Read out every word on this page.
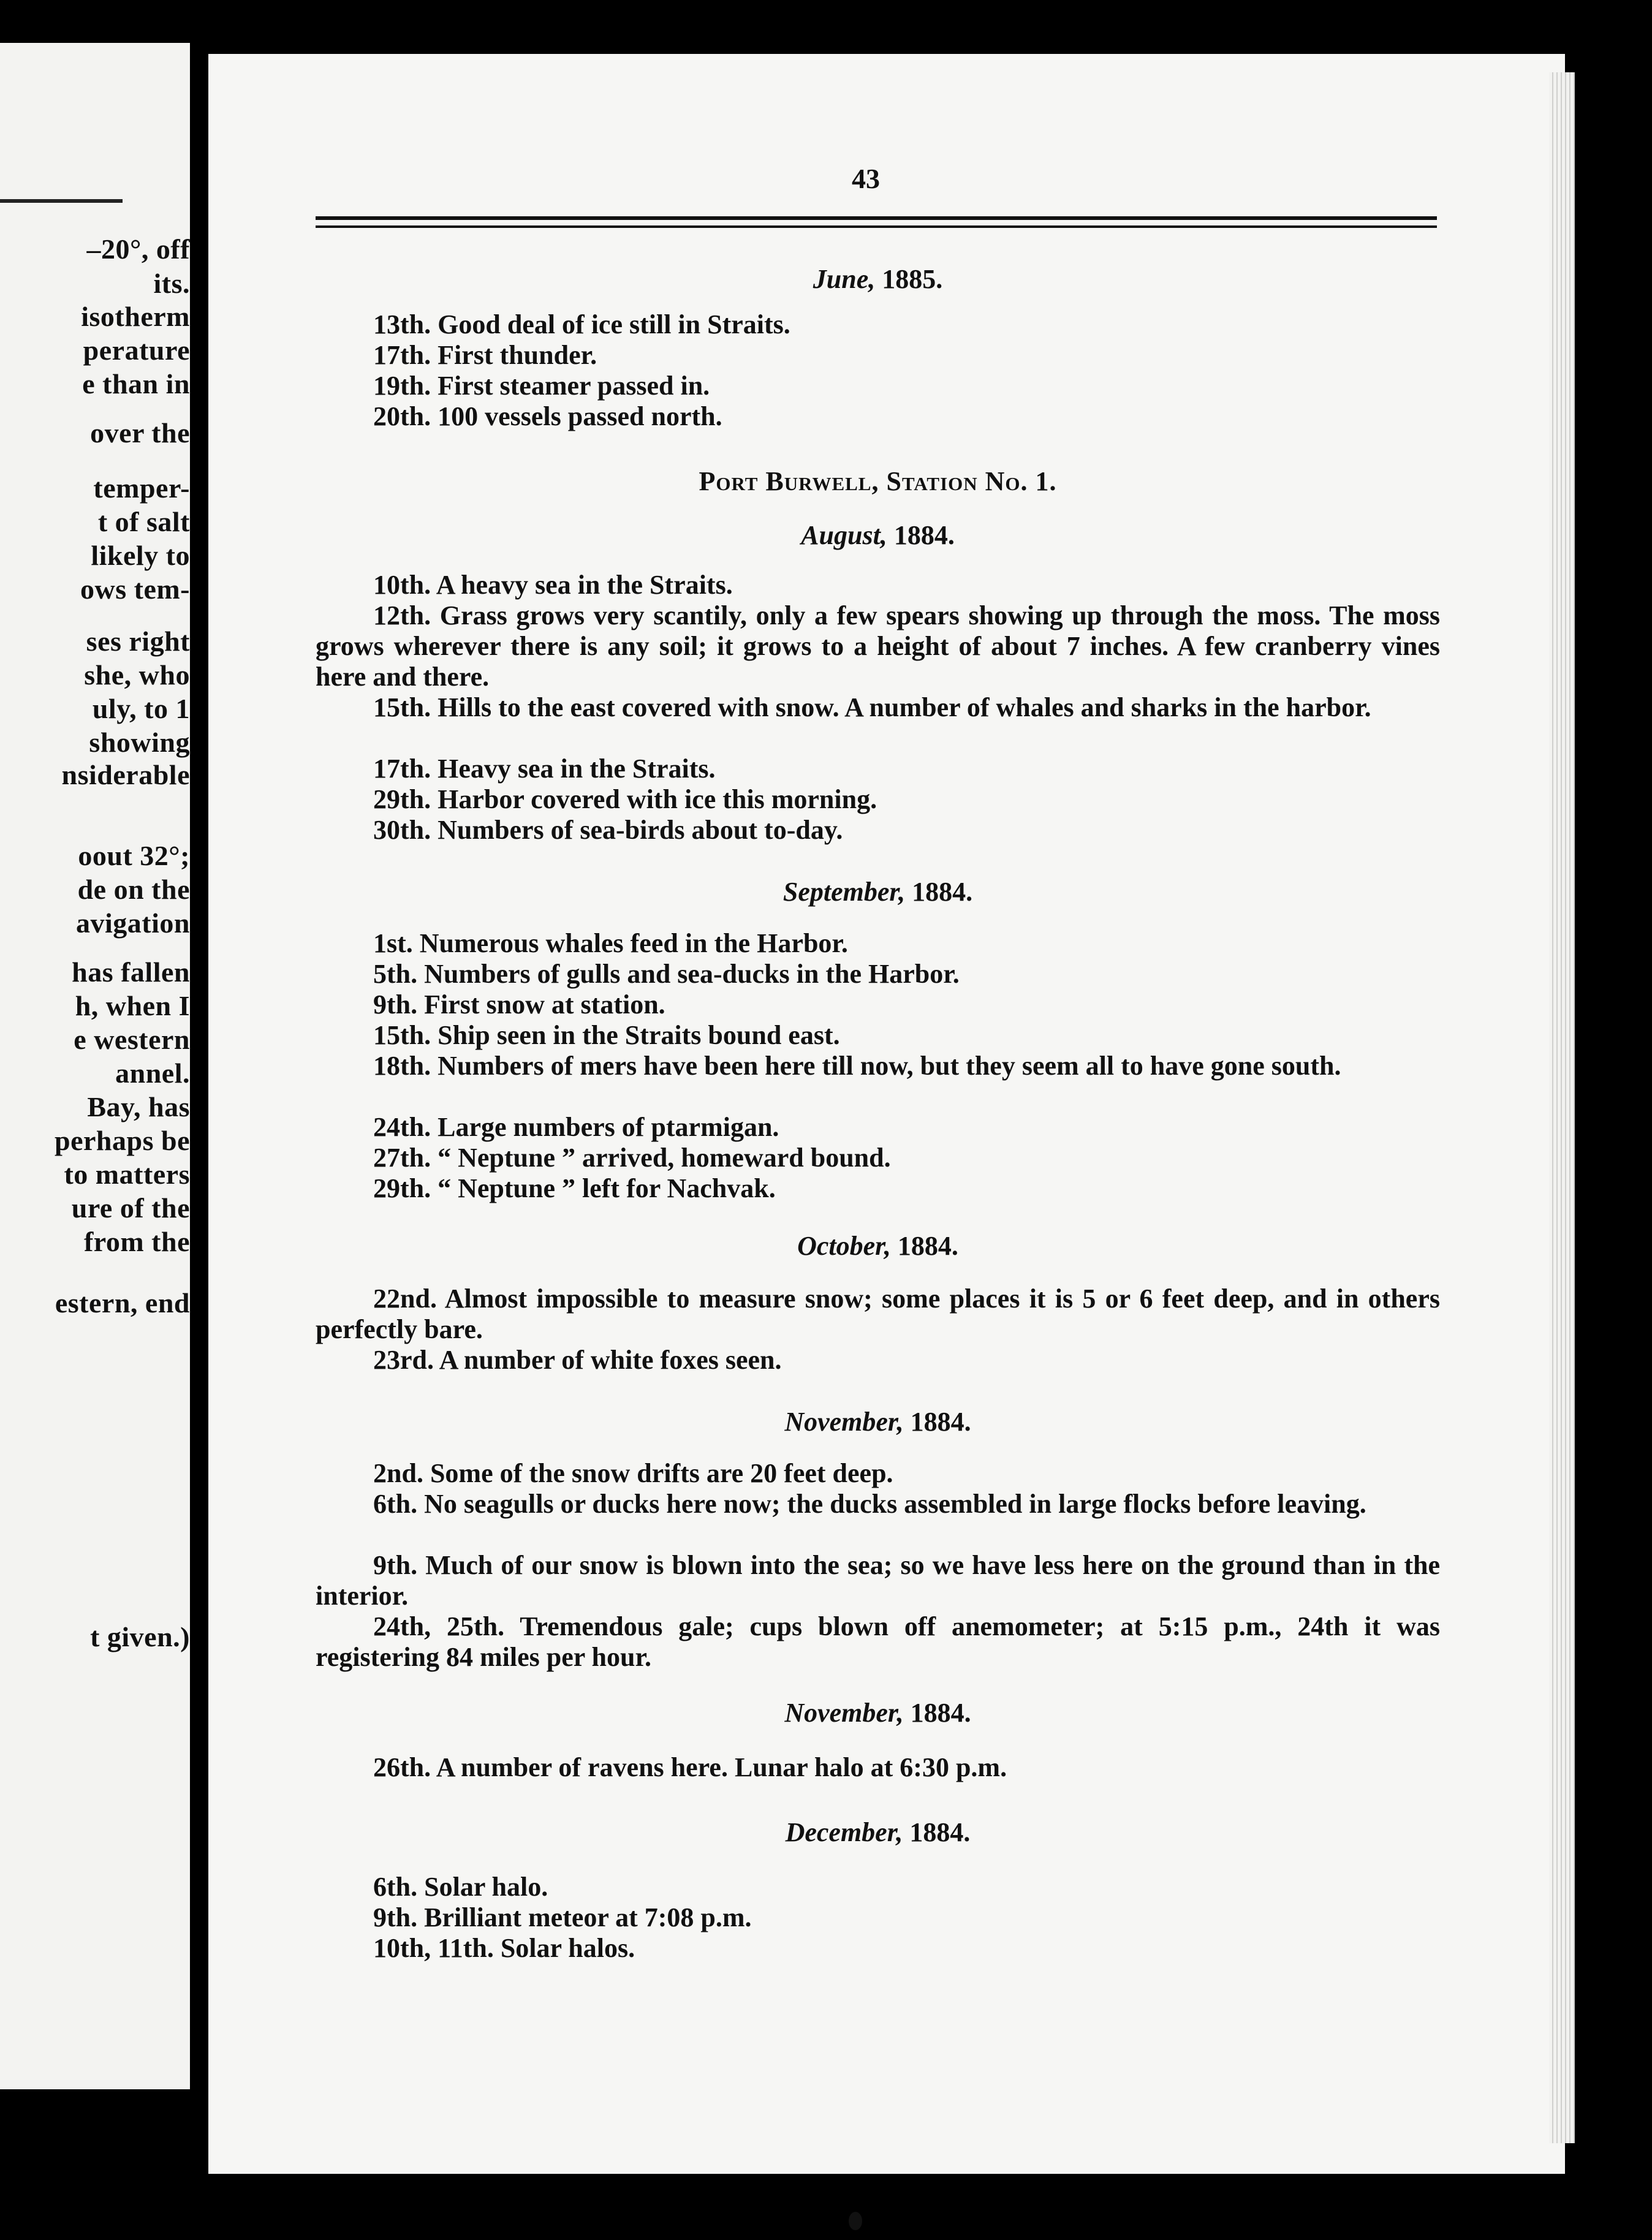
–20°, off
its.
isotherm
perature
e than in
over the
temper-
t of salt
likely to
ows tem-
ses right
she, who
uly, to 1
showing
nsiderable
oout 32°;
de on the
avigation
has fallen
h, when I
e western
annel.
Bay, has
perhaps be
to matters
ure of the
from the
estern, end
t given.)
43
June, 1885.
13th. Good deal of ice still in Straits.
17th. First thunder.
19th. First steamer passed in.
20th. 100 vessels passed north.
Port Burwell, Station No. 1.
August, 1884.
10th. A heavy sea in the Straits.
12th. Grass grows very scantily, only a few spears showing up through the moss. The moss grows wherever there is any soil; it grows to a height of about 7 inches. A few cranberry vines here and there.
15th. Hills to the east covered with snow. A number of whales and sharks in the harbor.
17th. Heavy sea in the Straits.
29th. Harbor covered with ice this morning.
30th. Numbers of sea-birds about to-day.
September, 1884.
1st. Numerous whales feed in the Harbor.
5th. Numbers of gulls and sea-ducks in the Harbor.
9th. First snow at station.
15th. Ship seen in the Straits bound east.
18th. Numbers of mers have been here till now, but they seem all to have gone south.
24th. Large numbers of ptarmigan.
27th. “ Neptune ” arrived, homeward bound.
29th. “ Neptune ” left for Nachvak.
October, 1884.
22nd. Almost impossible to measure snow; some places it is 5 or 6 feet deep, and in others perfectly bare.
23rd. A number of white foxes seen.
November, 1884.
2nd. Some of the snow drifts are 20 feet deep.
6th. No seagulls or ducks here now; the ducks assembled in large flocks before leaving.
9th. Much of our snow is blown into the sea; so we have less here on the ground than in the interior.
24th, 25th. Tremendous gale; cups blown off anemometer; at 5:15 p.m., 24th it was registering 84 miles per hour.
November, 1884.
26th. A number of ravens here. Lunar halo at 6:30 p.m.
December, 1884.
6th. Solar halo.
9th. Brilliant meteor at 7:08 p.m.
10th, 11th. Solar halos.
